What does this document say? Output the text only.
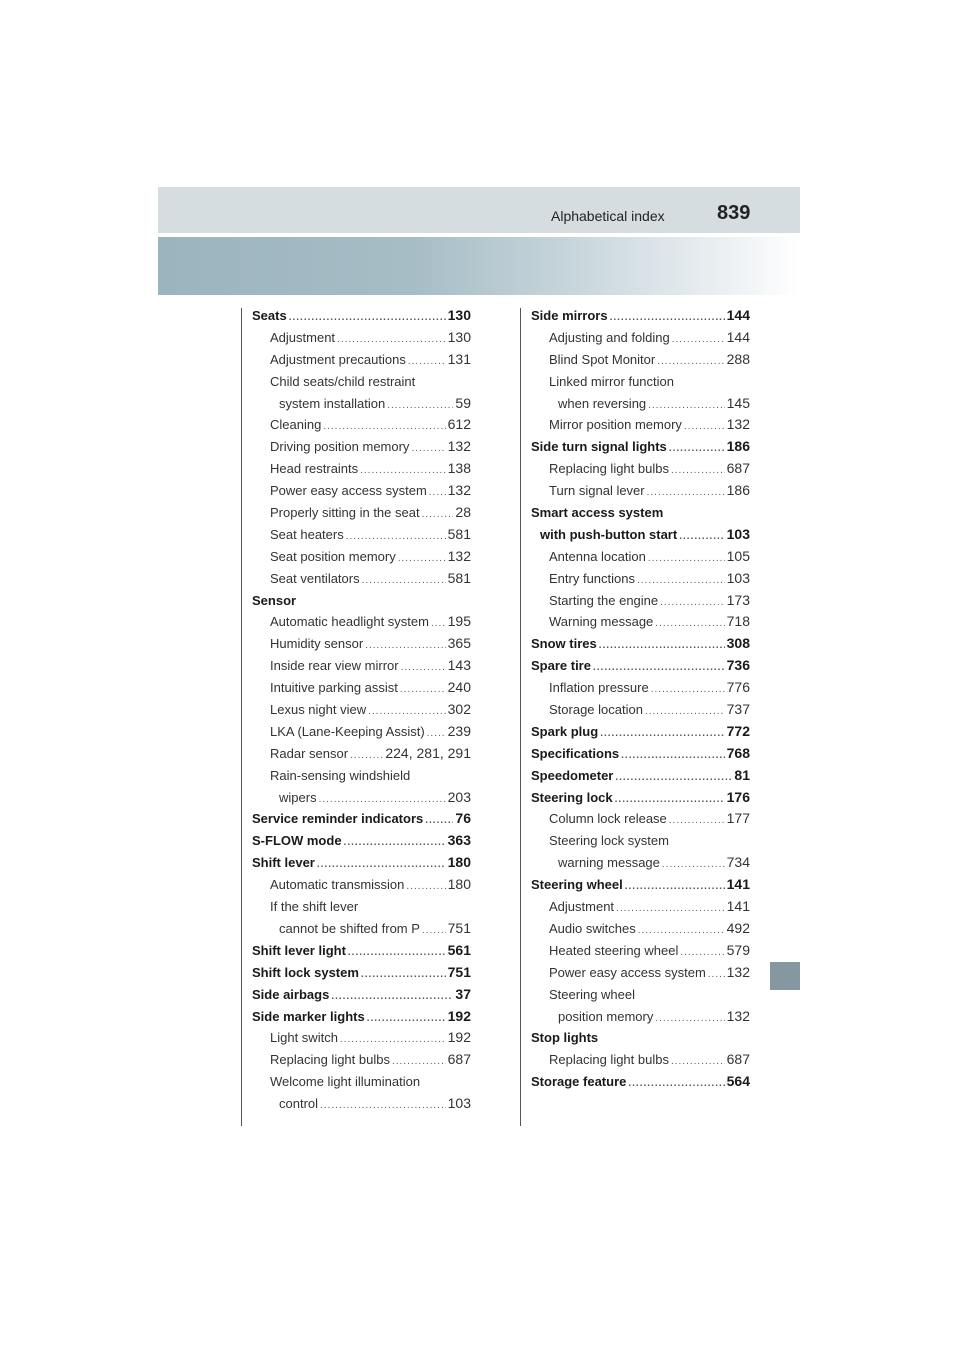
Alphabetical index	839
Seats .....	130
Adjustment .....	130
Adjustment precautions .....	131
Child seats/child restraint
system installation .....	59
Cleaning .....	612
Driving position memory .....	132
Head restraints .....	138
Power easy access system ..... 132
Properly sitting in the seat .....	28
Seat heaters .....	581
Seat position memory .....	132
Seat ventilators .....	581
Sensor
Automatic headlight system ..... 195
Humidity sensor .....	365
Inside rear view mirror .....	143
Intuitive parking assist .....	240
Lexus night view .....	302
LKA (Lane-Keeping Assist) ..... 239
Radar sensor .....	224, 281, 291
Rain-sensing windshield
wipers .....	203
Service reminder indicators ..... 76
S-FLOW mode .....	363
Shift lever .....	180
Automatic transmission .....	180
If the shift lever
cannot be shifted from P ..... 751
Shift lever light .....	561
Shift lock system .....	751
Side airbags .....	37
Side marker lights .....	192
Light switch .....	192
Replacing light bulbs .....	687
Welcome light illumination
control .....	103
Side mirrors .....	144
Adjusting and folding .....	144
Blind Spot Monitor .....	288
Linked mirror function
when reversing .....	145
Mirror position memory .....	132
Side turn signal lights .....	186
Replacing light bulbs .....	687
Turn signal lever .....	186
Smart access system
with push-button start .....	103
Antenna location .....	105
Entry functions .....	103
Starting the engine .....	173
Warning message .....	718
Snow tires .....	308
Spare tire .....	736
Inflation pressure .....	776
Storage location .....	737
Spark plug .....	772
Specifications .....	768
Speedometer .....	81
Steering lock .....	176
Column lock release .....	177
Steering lock system
warning message .....	734
Steering wheel .....	141
Adjustment .....	141
Audio switches .....	492
Heated steering wheel .....	579
Power easy access system ..... 132
Steering wheel
position memory .....	132
Stop lights
Replacing light bulbs .....	687
Storage feature .....	564
